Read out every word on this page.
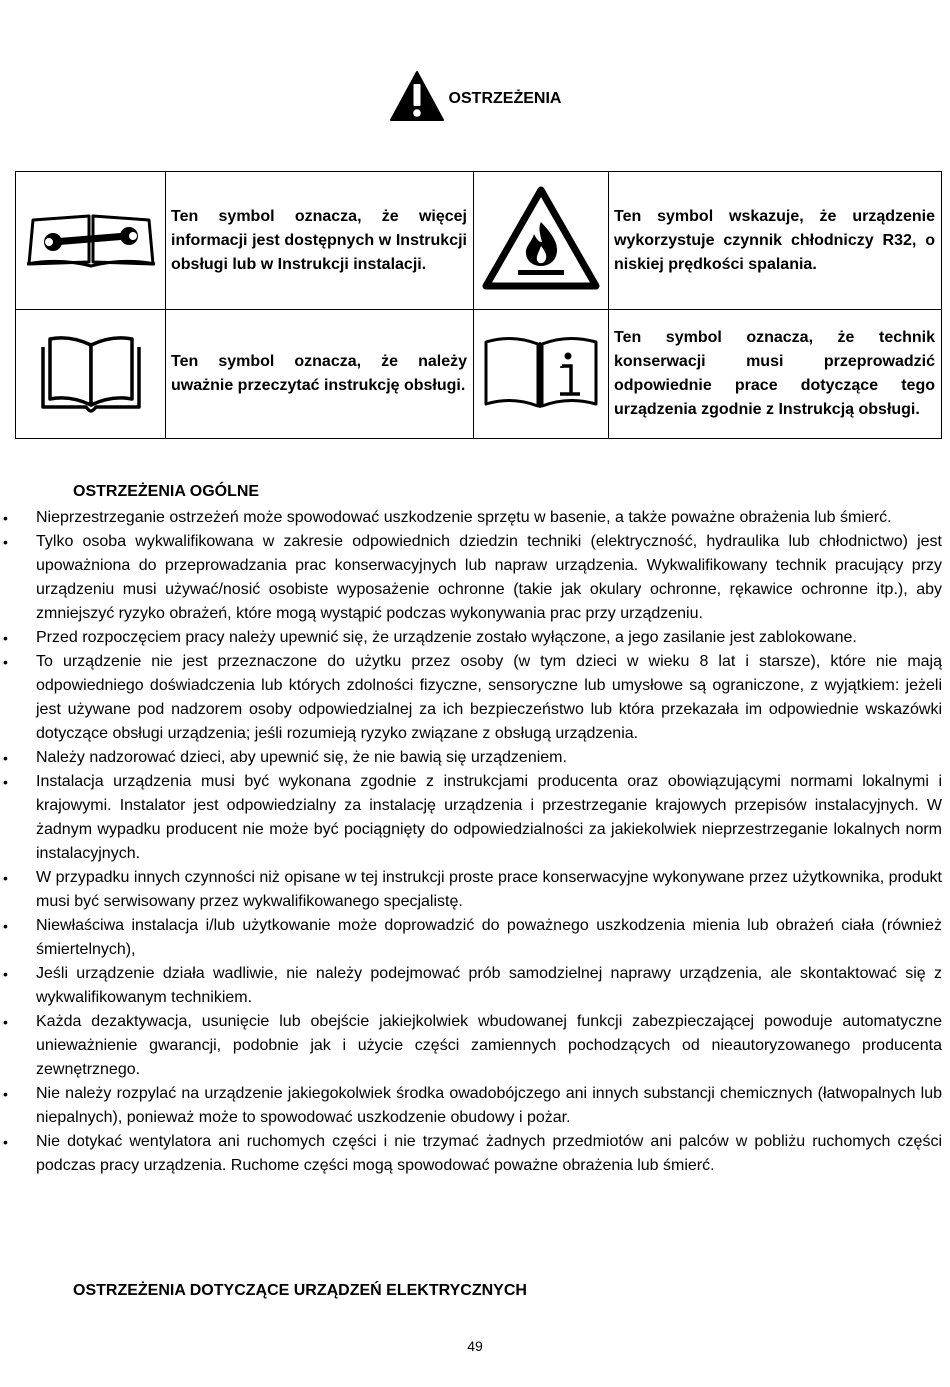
OSTRZEŻENIA
	Ten symbol oznacza, że więcej informacji jest dostępnych w Instrukcji obsługi lub w Instrukcji instalacji.		Ten symbol wskazuje, że urządzenie wykorzystuje czynnik chłodniczy R32, o niskiej prędkości spalania.
	Ten symbol oznacza, że należy uważnie przeczytać instrukcję obsługi.		Ten symbol oznacza, że technik konserwacji musi przeprowadzić odpowiednie prace dotyczące tego urządzenia zgodnie z Instrukcją obsługi.
OSTRZEŻENIA OGÓLNE
• Nieprzestrzeganie ostrzeżeń może spowodować uszkodzenie sprzętu w basenie, a także poważne obrażenia lub śmierć.
• Tylko osoba wykwalifikowana w zakresie odpowiednich dziedzin techniki (elektryczność, hydraulika lub chłodnictwo) jest upoważniona do przeprowadzania prac konserwacyjnych lub napraw urządzenia. Wykwalifikowany technik pracujący przy urządzeniu musi używać/nosić osobiste wyposażenie ochronne (takie jak okulary ochronne, rękawice ochronne itp.), aby zmniejszyć ryzyko obrażeń, które mogą wystąpić podczas wykonywania prac przy urządzeniu.
• Przed rozpoczęciem pracy należy upewnić się, że urządzenie zostało wyłączone, a jego zasilanie jest zablokowane.
• To urządzenie nie jest przeznaczone do użytku przez osoby (w tym dzieci w wieku 8 lat i starsze), które nie mają odpowiedniego doświadczenia lub których zdolności fizyczne, sensoryczne lub umysłowe są ograniczone, z wyjątkiem: jeżeli jest używane pod nadzorem osoby odpowiedzialnej za ich bezpieczeństwo lub która przekazała im odpowiednie wskazówki dotyczące obsługi urządzenia; jeśli rozumieją ryzyko związane z obsługą urządzenia.
• Należy nadzorować dzieci, aby upewnić się, że nie bawią się urządzeniem.
• Instalacja urządzenia musi być wykonana zgodnie z instrukcjami producenta oraz obowiązującymi normami lokalnymi i krajowymi. Instalator jest odpowiedzialny za instalację urządzenia i przestrzeganie krajowych przepisów instalacyjnych. W żadnym wypadku producent nie może być pociągnięty do odpowiedzialności za jakiekolwiek nieprzestrzeganie lokalnych norm instalacyjnych.
• W przypadku innych czynności niż opisane w tej instrukcji proste prace konserwacyjne wykonywane przez użytkownika, produkt musi być serwisowany przez wykwalifikowanego specjalistę.
• Niewłaściwa instalacja i/lub użytkowanie może doprowadzić do poważnego uszkodzenia mienia lub obrażeń ciała (również śmiertelnych),
• Jeśli urządzenie działa wadliwie, nie należy podejmować prób samodzielnej naprawy urządzenia, ale skontaktować się z wykwalifikowanym technikiem.
• Każda dezaktywacja, usunięcie lub obejście jakiejkolwiek wbudowanej funkcji zabezpieczającej powoduje automatyczne unieważnienie gwarancji, podobnie jak i użycie części zamiennych pochodzących od nieautoryzowanego producenta zewnętrznego.
• Nie należy rozpylać na urządzenie jakiegokolwiek środka owadobójczego ani innych substancji chemicznych (łatwopalnych lub niepalnych), ponieważ może to spowodować uszkodzenie obudowy i pożar.
• Nie dotykać wentylatora ani ruchomych części i nie trzymać żadnych przedmiotów ani palców w pobliżu ruchomych części podczas pracy urządzenia. Ruchome części mogą spowodować poważne obrażenia lub śmierć.
OSTRZEŻENIA DOTYCZĄCE URZĄDZEŃ ELEKTRYCZNYCH
49
